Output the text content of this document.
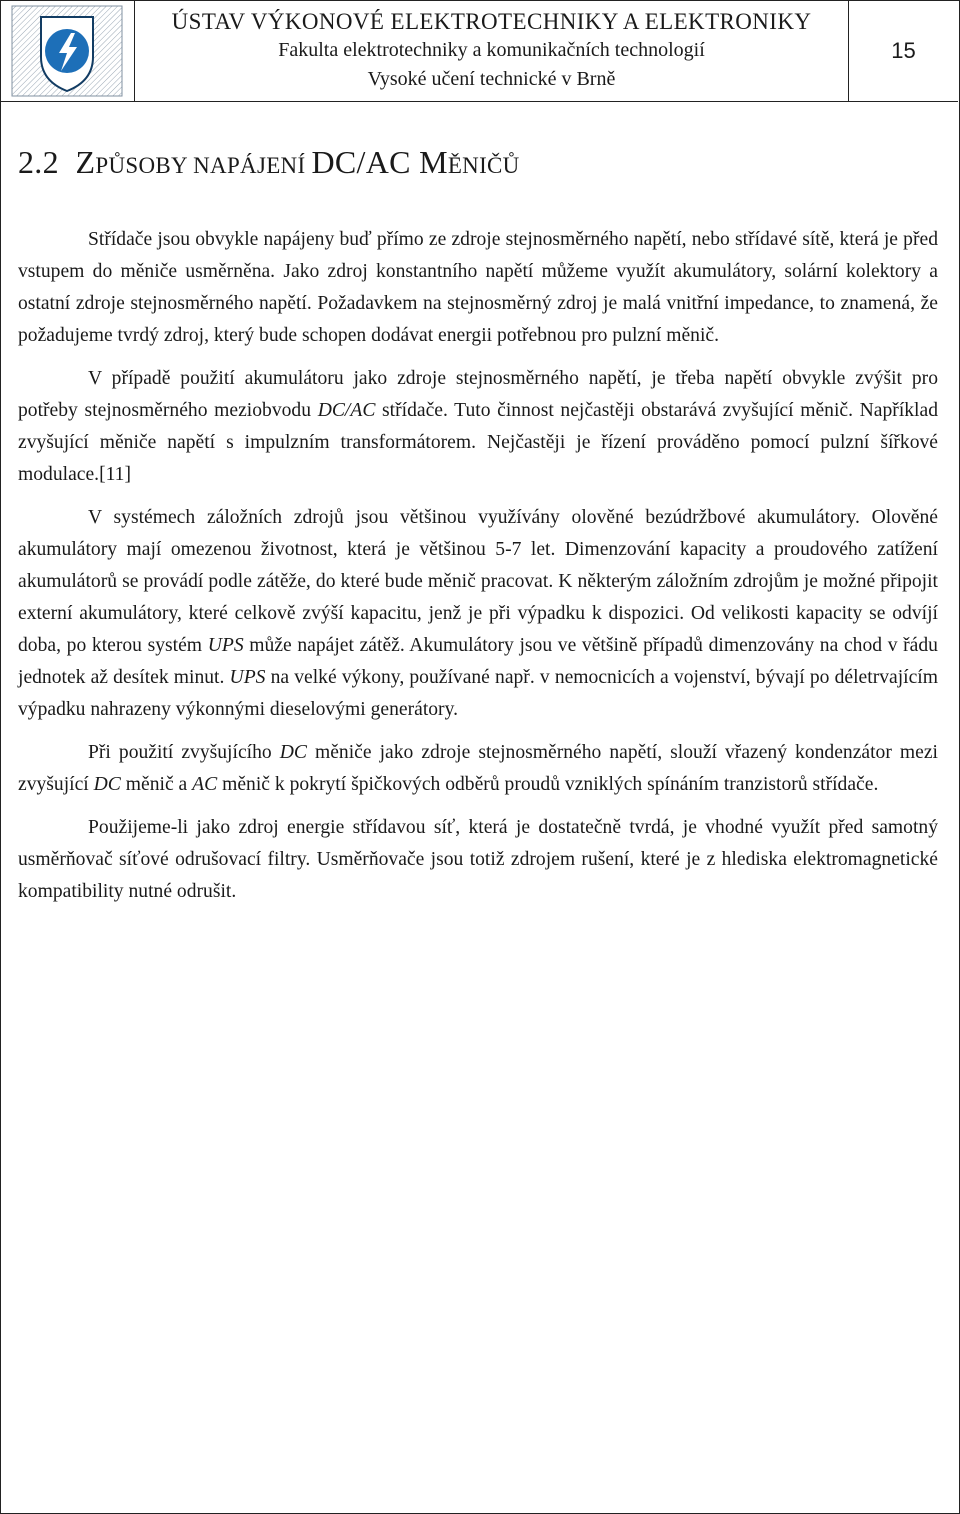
ÚSTAV VÝKONOVÉ ELEKTROTECHNIKY A ELEKTRONIKY
Fakulta elektrotechniky a komunikačních technologií
Vysoké učení technické v Brně
15
2.2 ZPŮSOBY NAPÁJENÍ DC/AC MĚNIČŮ

Střídače jsou obvykle napájeny buď přímo ze zdroje stejnosměrného napětí, nebo střídavé sítě, která je před vstupem do měniče usměrněna. Jako zdroj konstantního napětí můžeme využít akumulátory, solární kolektory a ostatní zdroje stejnosměrného napětí. Požadavkem na stejnosměrný zdroj je malá vnitřní impedance, to znamená, že požadujeme tvrdý zdroj, který bude schopen dodávat energii potřebnou pro pulzní měnič.

V případě použití akumulátoru jako zdroje stejnosměrného napětí, je třeba napětí obvykle zvýšit pro potřeby stejnosměrného meziobvodu DC/AC střídače. Tuto činnost nejčastěji obstarává zvyšující měnič. Například zvyšující měniče napětí s impulzním transformátorem. Nejčastěji je řízení prováděno pomocí pulzní šířkové modulace.[11]

V systémech záložních zdrojů jsou většinou využívány olověné bezúdržbové akumulátory. Olověné akumulátory mají omezenou životnost, která je většinou 5-7 let. Dimenzování kapacity a proudového zatížení akumulátorů se provádí podle zátěže, do které bude měnič pracovat. K některým záložním zdrojům je možné připojit externí akumulátory, které celkově zvýší kapacitu, jenž je při výpadku k dispozici. Od velikosti kapacity se odvíjí doba, po kterou systém UPS může napájet zátěž. Akumulátory jsou ve většině případů dimenzovány na chod v řádu jednotek až desítek minut. UPS na velké výkony, používané např. v nemocnicích a vojenství, bývají po déletrvajícím výpadku nahrazeny výkonnými dieselovými generátory.

Při použití zvyšujícího DC měniče jako zdroje stejnosměrného napětí, slouží vřazený kondenzátor mezi zvyšující DC měnič a AC měnič k pokrytí špičkových odběrů proudů vzniklých spínáním tranzistorů střídače.

Použijeme-li jako zdroj energie střídavou síť, která je dostatečně tvrdá, je vhodné využít před samotný usměrňovač síťové odrušovací filtry. Usměrňovače jsou totiž zdrojem rušení, které je z hlediska elektromagnetické kompatibility nutné odrušit.
